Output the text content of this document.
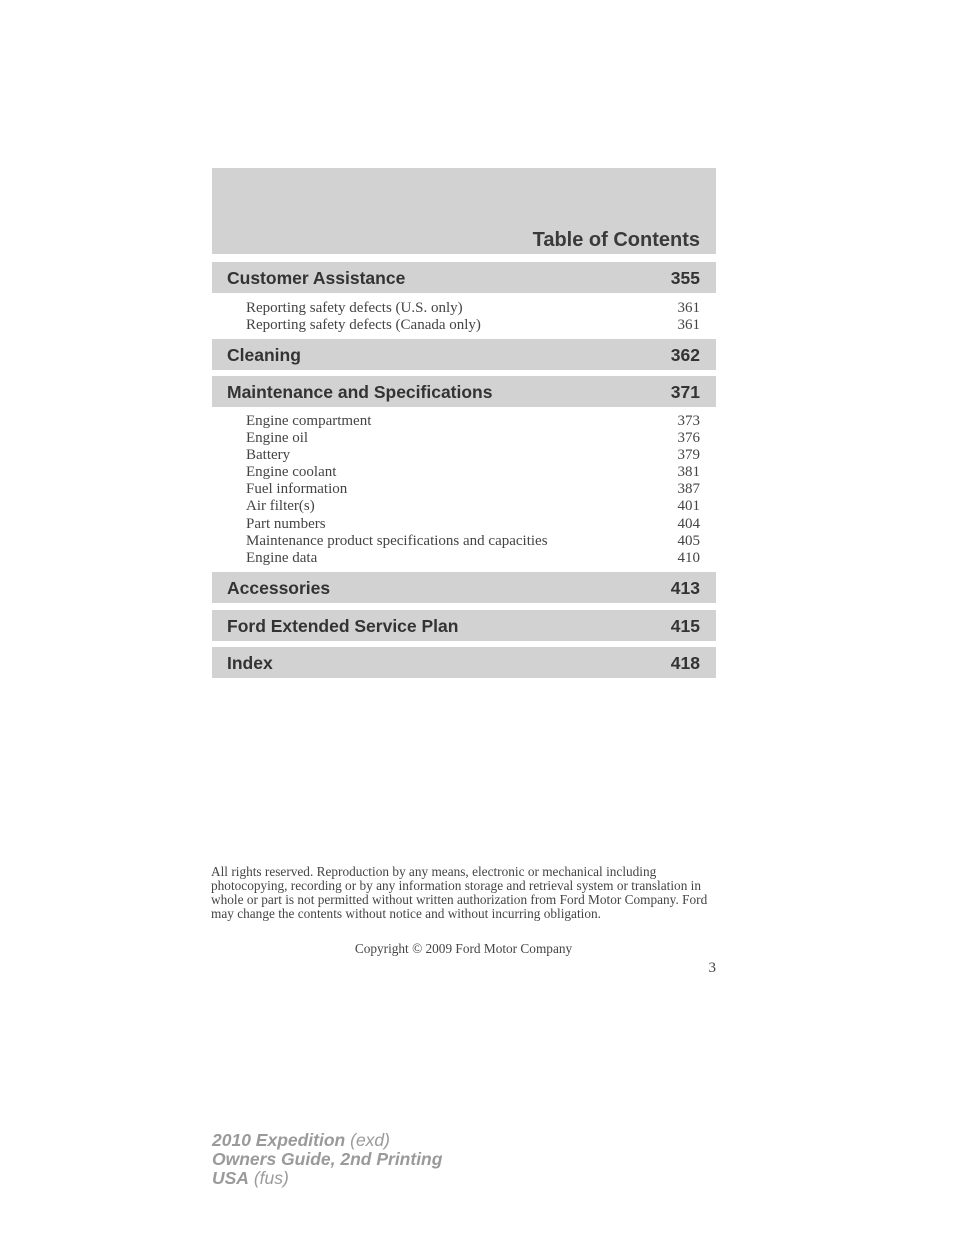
Table of Contents
Customer Assistance	355
Reporting safety defects (U.S. only)	361
Reporting safety defects (Canada only)	361
Cleaning	362
Maintenance and Specifications	371
Engine compartment	373
Engine oil	376
Battery	379
Engine coolant	381
Fuel information	387
Air filter(s)	401
Part numbers	404
Maintenance product specifications and capacities	405
Engine data	410
Accessories	413
Ford Extended Service Plan	415
Index	418
All rights reserved. Reproduction by any means, electronic or mechanical including photocopying, recording or by any information storage and retrieval system or translation in whole or part is not permitted without written authorization from Ford Motor Company. Ford may change the contents without notice and without incurring obligation.
Copyright © 2009 Ford Motor Company
3
2010 Expedition (exd)
Owners Guide, 2nd Printing
USA (fus)
